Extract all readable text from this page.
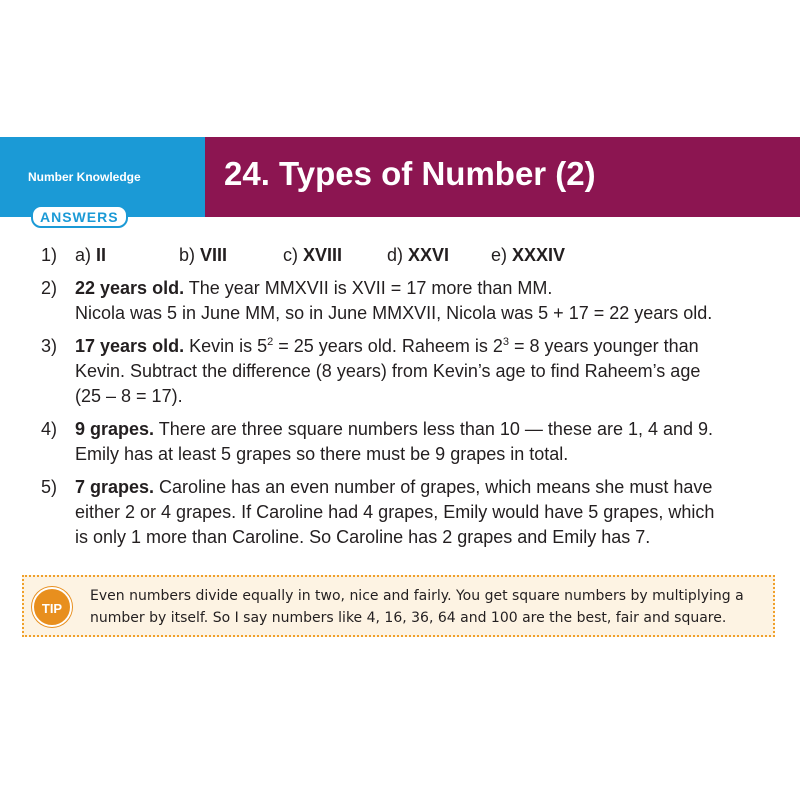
Number Knowledge
ANSWERS
24. Types of Number (2)
1) a) II	b) VIII	c) XVIII	d) XXVI	e) XXXIV
2) 22 years old. The year MMXVII is XVII = 17 more than MM.
Nicola was 5 in June MM, so in June MMXVII, Nicola was 5 + 17 = 22 years old.
3) 17 years old. Kevin is $5^2 = 25$ years old. Raheem is $2^3 = 8$ years younger than
Kevin. Subtract the difference (8 years) from Kevin’s age to find Raheem’s age
(25 – 8 = 17).
4) 9 grapes. There are three square numbers less than 10 — these are 1, 4 and 9.
Emily has at least 5 grapes so there must be 9 grapes in total.
5) 7 grapes. Caroline has an even number of grapes, which means she must have
either 2 or 4 grapes. If Caroline had 4 grapes, Emily would have 5 grapes, which
is only 1 more than Caroline. So Caroline has 2 grapes and Emily has 7.
TIP
Even numbers divide equally in two, nice and fairly. You get square numbers by multiplying a
number by itself. So I say numbers like 4, 16, 36, 64 and 100 are the best, fair and square.
